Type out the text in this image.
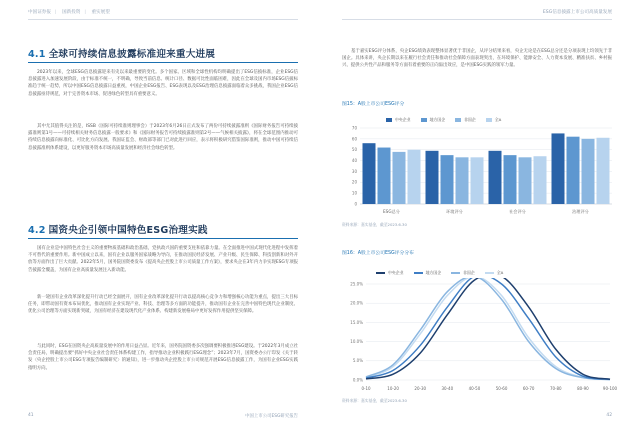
中国证券报 | 国新投资 | 重实展望
4.1 全球可持续信息披露标准迎来重大进展

2023年以来，全球ESG信息披露迎来有史以来最重要的变化。多个国家、区域和全球性机构均明确提出了ESG信披标准，企业ESG信息披露进入加速发展阶段，由于标准不统一，不明确，导致当前信息、统计口径、数据可比性面临困难，因此在全球及国内市场ESG信披标准趋于统一趋势，所以中国ESG信息披露日益重视，中国企业ESG报告、ESG表现以及ESG治理信息披露面临着众多挑战，我国企业ESG信息披露亟待规范，对于完善资本市场、促进绿色转型具有重要意义。

其中尤其值得关注的是，ISSB（国际可持续准则理事会）于2023年6月26日正式发布了两份可持续披露准则《国际财务报告可持续披露准则第1号——可持续相关财务信息披露一般要求》和《国际财务报告可持续披露准则第2号——气候相关披露》，将在全球范围内推动可持续信息披露向标准化、可比化方向发展。我国证监会、财政部等部门已对此进行回应，表示将积极研究借鉴国际准则，推动中国可持续信息披露准则体系建设，以更好服务资本市场高质量发展和经济社会绿色转型。

4.2 国资央企引领中国特色ESG治理实践

国有企业是中国特色社会主义的重要物质基础和政治基础，党执政兴国的重要支柱和依靠力量。在全面推进中国式现代化进程中发挥着不可替代的重要作用。新中国成立以来，国有企业以服务国家战略为导向，在推动国民经济发展、产业升级、民生保障、科技创新和对外开放等方面作出了巨大贡献。2022年5月，国务院国资委发布《提高央企控股上市公司质量工作方案》，要求央企在3年内力争实现ESG专项报告披露全覆盖，为国有企业高质量发展注入新动能。

新一轮国有企业改革深化提升行动已经全面展开，国有企业改革深化提升行动以提高核心竞争力和增强核心功能为重点，提出三大目标任务，即带动国有资本布局优化，推动国有企业实现产业、科技、治理等多方面的功能提升，推动国有企业在完善中国特色现代企业制度、优化公司治理等方面实现新突破，为国有经济在建设现代化产业体系、构建新发展格局中更好发挥作用提供坚实保障。

与此同时，ESG在国资央企高质量发展中的作用日益凸显。近年来，国务院国资委多次强调要积极推进ESG建设。于2022年3月成立社会责任局，明确提出要“抓好中央企业社会责任体系构建工作，指导推动企业积极践行ESG理念”；2023年7月，国资委办公厅印发《关于转发〈央企控股上市公司ESG专项报告编制研究〉的通知》，进一步推动央企控股上市公司规范开展ESG信息披露工作，为国有企业ESG实践指明方向。

41	中国上市公司ESG研究报告
ESG信息披露上市公司高质量发展

基于嘉实ESG评分体系，央企ESG绩效表现整体显著优于非国企，从评分结果来看，央企无论是在ESG总分还是分项表现上均领先于非国企。具体来讲，央企长期以来在履行社会责任和推动社会保障方面表现突出，在环境保护、能源安全、人力资本发展、精准扶贫、乡村振兴、提供公共性产品和服务等方面有着重要的正向溢出效应，是中国ESG实践的领军力量。

图15：A股上市公司ESG评分
中央企业	地方国企	非国企	全A
0
10
20
30
40
50
60
70
ESG总分	环境评分	社会评分	治理评分
资料来源：嘉实基金，截至2023.6.30
图16：A股上市公司ESG评分分布
中央企业	地方国企	非国企	全A
0.0%
5.0%
10.0%
15.0%
20.0%
25.0%
0-10	10-20	20-30	30-40	40-50	50-60	60-70	70-80	80-90	90-100
资料来源：嘉实基金，截至2023.6.30
42
